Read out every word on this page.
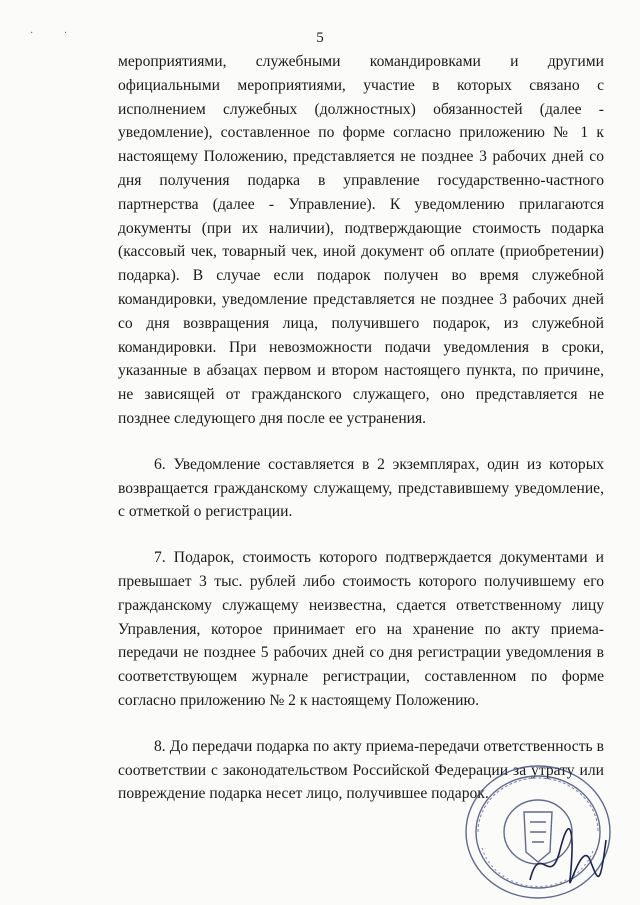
· ·	5

мероприятиями, служебными командировками и другими официальными мероприятиями, участие в которых связано с исполнением служебных (должностных) обязанностей (далее - уведомление), составленное по форме согласно приложению № 1 к настоящему Положению, представляется не позднее 3 рабочих дней со дня получения подарка в управление государственно-частного партнерства (далее - Управление). К уведомлению прилагаются документы (при их наличии), подтверждающие стоимость подарка (кассовый чек, товарный чек, иной документ об оплате (приобретении) подарка). В случае если подарок получен во время служебной командировки, уведомление представляется не позднее 3 рабочих дней со дня возвращения лица, получившего подарок, из служебной командировки. При невозможности подачи уведомления в сроки, указанные в абзацах первом и втором настоящего пункта, по причине, не зависящей от гражданского служащего, оно представляется не позднее следующего дня после ее устранения.

6. Уведомление составляется в 2 экземплярах, один из которых возвращается гражданскому служащему, представившему уведомление, с отметкой о регистрации.

7. Подарок, стоимость которого подтверждается документами и превышает 3 тыс. рублей либо стоимость которого получившему его гражданскому служащему неизвестна, сдается ответственному лицу Управления, которое принимает его на хранение по акту приема-передачи не позднее 5 рабочих дней со дня регистрации уведомления в соответствующем журнале регистрации, составленном по форме согласно приложению № 2 к настоящему Положению.

8. До передачи подарка по акту приема-передачи ответственность в соответствии с законодательством Российской Федерации за утрату или повреждение подарка несет лицо, получившее подарок.
